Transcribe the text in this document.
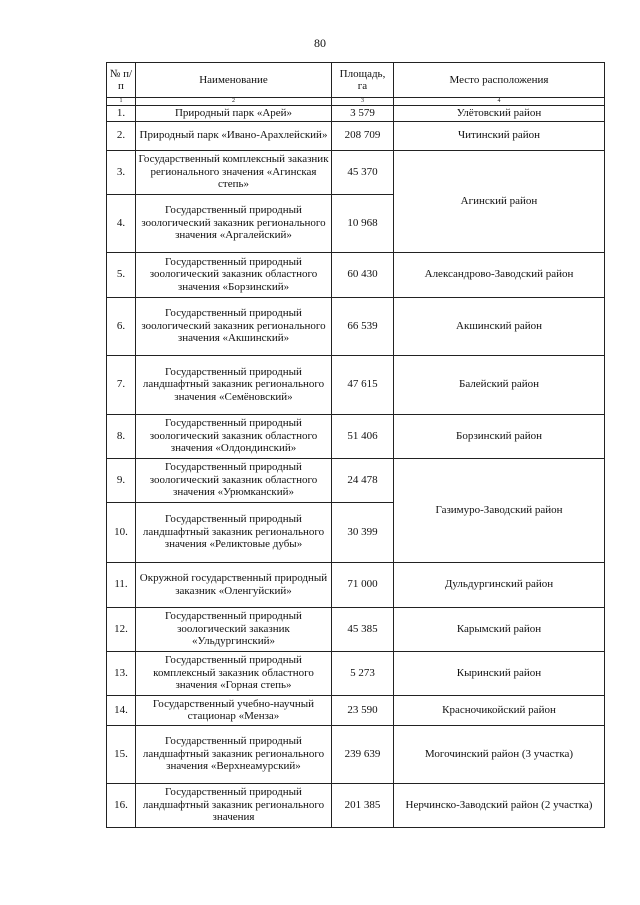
80
№ п/п	Наименование	Площадь, га	Место расположения
1	2	3	4
1.	Природный парк «Арей»	3 579	Улётовский район
2.	Природный парк «Ивано-Арахлейский»	208 709	Читинский район
3.	Государственный комплексный заказник регионального значения «Агинская степь»	45 370	Агинский район
4.	Государственный природный зоологический заказник регионального значения «Аргалейский»	10 968	
5.	Государственный природный зоологический заказник областного значения «Борзинский»	60 430	Александрово-Заводский район
6.	Государственный природный зоологический заказник регионального значения «Акшинский»	66 539	Акшинский район
7.	Государственный природный ландшафтный заказник регионального значения «Семёновский»	47 615	Балейский район
8.	Государственный природный зоологический заказник областного значения «Олдондинский»	51 406	Борзинский район
9.	Государственный природный зоологический заказник областного значения «Урюмканский»	24 478	Газимуро-Заводский район
10.	Государственный природный ландшафтный заказник регионального значения «Реликтовые дубы»	30 399	
11.	Окружной государственный природный заказник «Оленгуйский»	71 000	Дульдургинский район
12.	Государственный природный зоологический заказник «Ульдургинский»	45 385	Карымский район
13.	Государственный природный комплексный заказник областного значения «Горная степь»	5 273	Кыринский район
14.	Государственный учебно-научный стационар «Менза»	23 590	Красночикойский район
15.	Государственный природный ландшафтный заказник регионального значения «Верхнеамурский»	239 639	Могочинский район (3 участка)
16.	Государственный природный ландшафтный заказник регионального значения	201 385	Нерчинско-Заводский район (2 участка)
